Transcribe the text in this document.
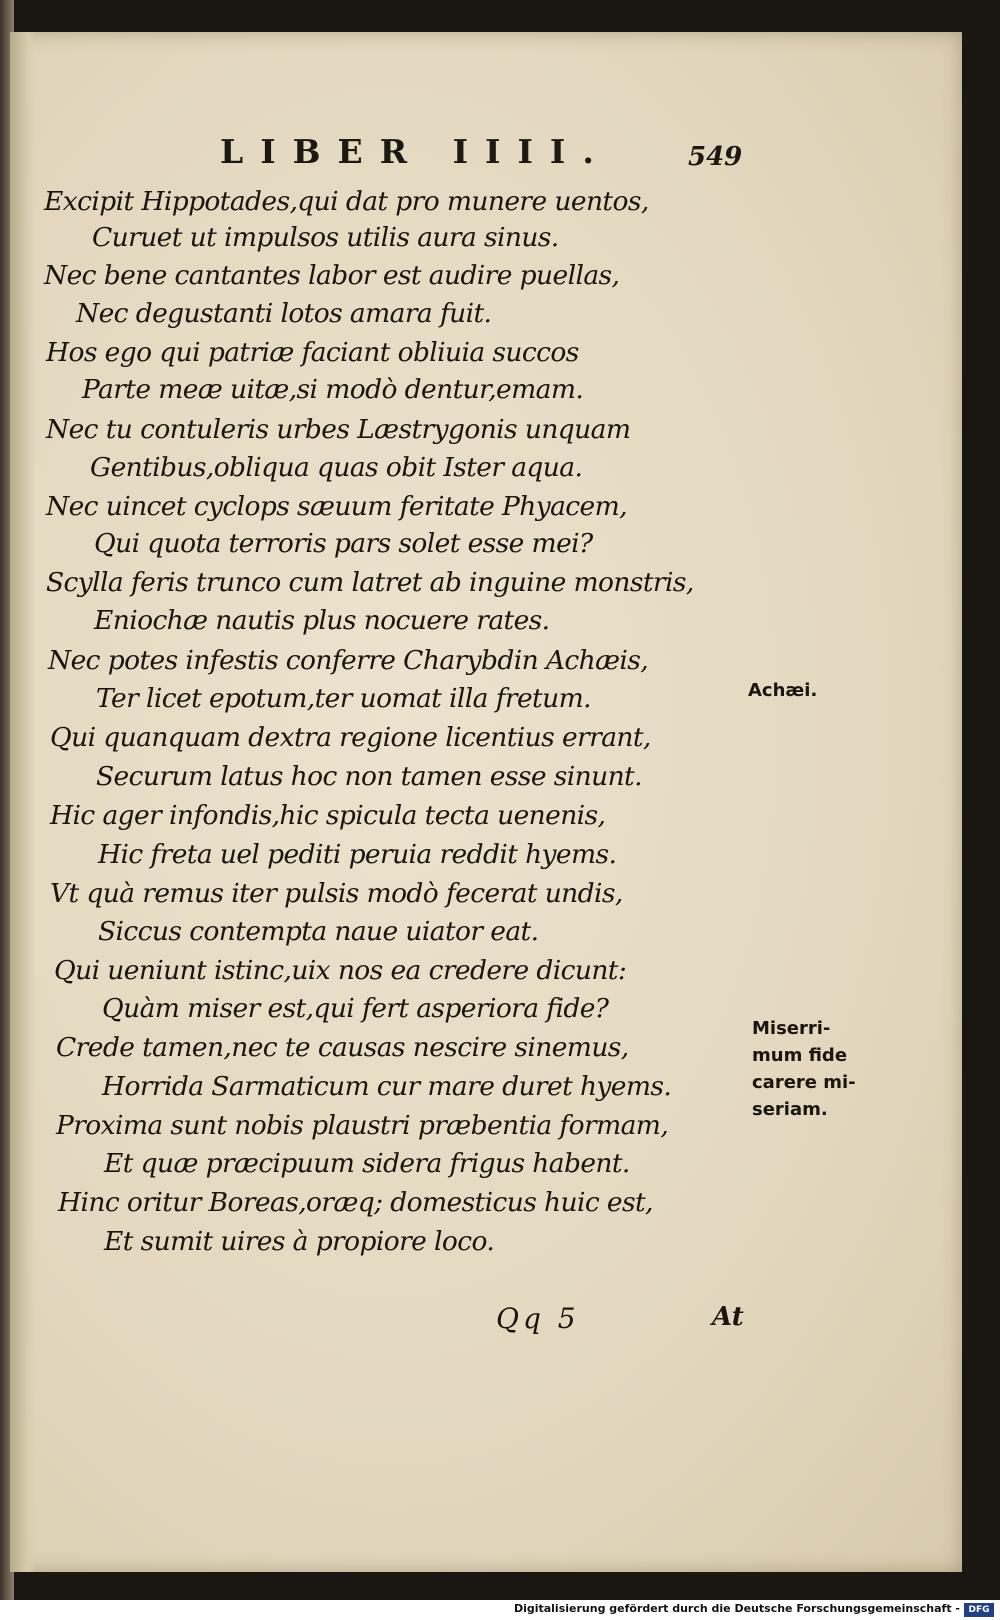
LIBER IIII.	549

Excipit Hippotades,qui dat pro munere uentos,

Curuet ut impulsos utilis aura sinus.

Nec bene cantantes labor est audire puellas,

Nec degustanti lotos amara fuit.

Hos ego qui patriæ faciant obliuia succos

Parte meæ uitæ,si modò dentur,emam.

Nec tu contuleris urbes Læstrygonis unquam

Gentibus,obliqua quas obit Ister aqua.

Nec uincet cyclops sæuum feritate Phyacem,

Qui quota terroris pars solet esse mei?

Scylla feris trunco cum latret ab inguine monstris,

Eniochæ nautis plus nocuere rates.

Nec potes infestis conferre Charybdin Achæis,

Ter licet epotum,ter uomat illa fretum.

Qui quanquam dextra regione licentius errant,

Securum latus hoc non tamen esse sinunt.

Hic ager infondis,hic spicula tecta uenenis,

Hic freta uel pediti peruia reddit hyems.

Vt quà remus iter pulsis modò fecerat undis,

Siccus contempta naue uiator eat.

Qui ueniunt istinc,uix nos ea credere dicunt:

Quàm miser est,qui fert asperiora fide?

Crede tamen,nec te causas nescire sinemus,

Horrida Sarmaticum cur mare duret hyems.

Proxima sunt nobis plaustri præbentia formam,

Et quæ præcipuum sidera frigus habent.

Hinc oritur Boreas,oræq; domesticus huic est,

Et sumit uires à propiore loco.

Achæi.
Miserri-
mum fide
carere mi-
seriam.
Qq 5	At
Digitalisierung gefördert durch die Deutsche Forschungsgemeinschaft - DFG
